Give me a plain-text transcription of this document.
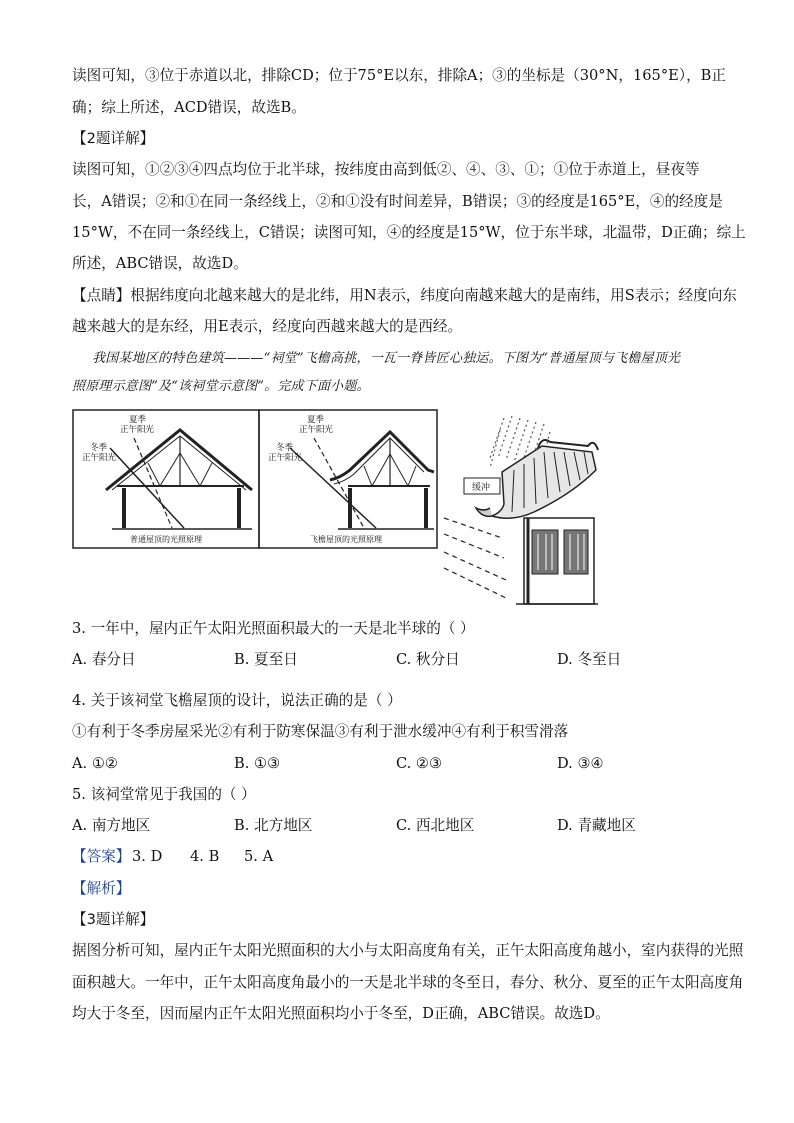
读图可知，③位于赤道以北，排除CD；位于75°E以东，排除A；③的坐标是（30°N，165°E），B正
确；综上所述，ACD错误，故选B。
【2题详解】
读图可知，①②③④四点均位于北半球，按纬度由高到低②、④、③、①；①位于赤道上，昼夜等
长，A错误；②和①在同一条经线上，②和①没有时间差异，B错误；③的经度是165°E，④的经度是
15°W，不在同一条经线上，C错误；读图可知，④的经度是15°W，位于东半球，北温带，D正确；综上
所述，ABC错误，故选D。
【点睛】根据纬度向北越来越大的是北纬，用N表示，纬度向南越来越大的是南纬，用S表示；经度向东
越来越大的是东经，用E表示，经度向西越来越大的是西经。
我国某地区的特色建筑———“祠堂”飞檐高挑，一瓦一脊皆匠心独运。下图为“普通屋顶与飞檐屋顶光
照原理示意图”及“该祠堂示意图”。完成下面小题。
夏季
正午阳光
冬季
正午阳光
普通屋顶的光照原理
夏季
正午阳光
冬季
正午阳光
飞檐屋顶的光照原理
缓冲
3. 一年中，屋内正午太阳光照面积最大的一天是北半球的（ ）
A. 春分日	B. 夏至日	C. 秋分日	D. 冬至日
4. 关于该祠堂飞檐屋顶的设计，说法正确的是（ ）
①有利于冬季房屋采光②有利于防寒保温③有利于泄水缓冲④有利于积雪滑落
A. ①②	B. ①③	C. ②③	D. ③④
5. 该祠堂常见于我国的（ ）
A. 南方地区	B. 北方地区	C. 西北地区	D. 青藏地区
【答案】 3. D 4. B 5. A
【解析】
【3题详解】
据图分析可知，屋内正午太阳光照面积的大小与太阳高度角有关，正午太阳高度角越小，室内获得的光照
面积越大。一年中，正午太阳高度角最小的一天是北半球的冬至日，春分、秋分、夏至的正午太阳高度角
均大于冬至，因而屋内正午太阳光照面积均小于冬至，D正确，ABC错误。故选D。
